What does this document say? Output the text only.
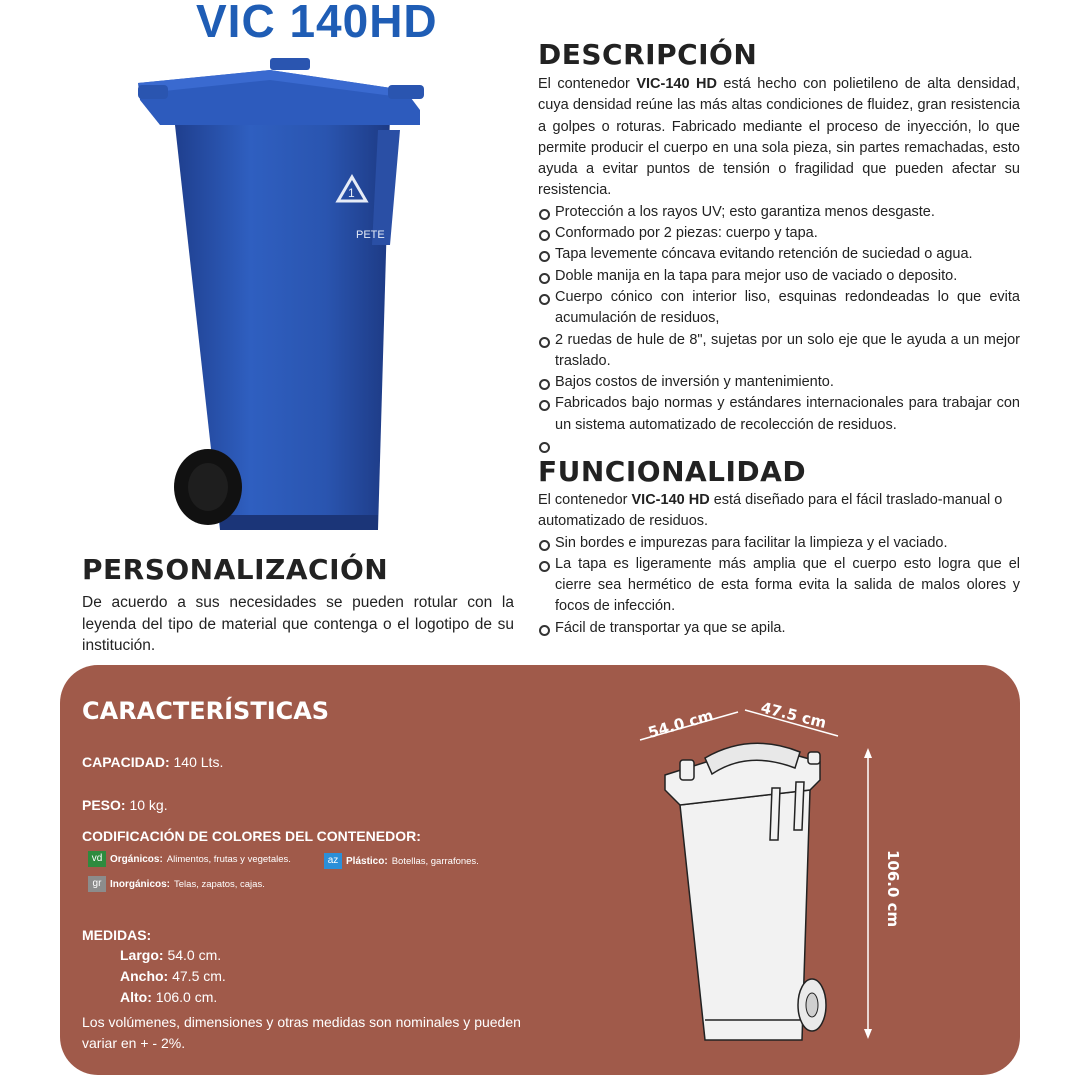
VIC 140HD
1
PETE
DESCRIPCIÓN
El contenedor VIC-140 HD está hecho con polietileno de alta densidad, cuya densidad reúne las más altas condiciones de fluidez, gran resistencia a golpes o roturas. Fabricado mediante el proceso de inyección, lo que permite producir el cuerpo en una sola pieza, sin partes remachadas, esto ayuda a evitar puntos de tensión o fragilidad que pueden afectar su resistencia.
Protección a los rayos UV; esto garantiza menos desgaste.
Conformado por 2 piezas: cuerpo y tapa.
Tapa levemente cóncava evitando retención de suciedad o agua.
Doble manija en la tapa para mejor uso de vaciado o deposito.
Cuerpo cónico con interior liso, esquinas redondeadas lo que evita acumulación de residuos,
2 ruedas de hule de 8", sujetas por un solo eje que le ayuda a un mejor traslado.
Bajos costos de inversión y mantenimiento.
Fabricados bajo normas y estándares internacionales para trabajar con un sistema automatizado de recolección de residuos.
FUNCIONALIDAD
El contenedor VIC-140 HD está diseñado para el fácil traslado-manual o automatizado de residuos.
Sin bordes e impurezas para facilitar la limpieza y el vaciado.
La tapa es ligeramente más amplia que el cuerpo esto logra que el cierre sea hermético de esta forma evita la salida de malos olores y focos de infección.
Fácil de transportar ya que se apila.
PERSONALIZACIÓN
De acuerdo a sus necesidades se pueden rotular con la leyenda del tipo de material que contenga o el logotipo de su institución.
CARACTERÍSTICAS
CAPACIDAD: 140 Lts.
PESO: 10 kg.
CODIFICACIÓN DE COLORES DEL CONTENEDOR:
vd Orgánicos: Alimentos, frutas y vegetales.	az Plástico: Botellas, garrafones.
gr Inorgánicos: Telas, zapatos, cajas.
MEDIDAS:
Largo: 54.0 cm.
Ancho: 47.5 cm.
Alto: 106.0 cm.
Los volúmenes, dimensiones y otras medidas son nominales y pueden variar en + - 2%.
54.0 cm	47.5 cm
106.0 cm
